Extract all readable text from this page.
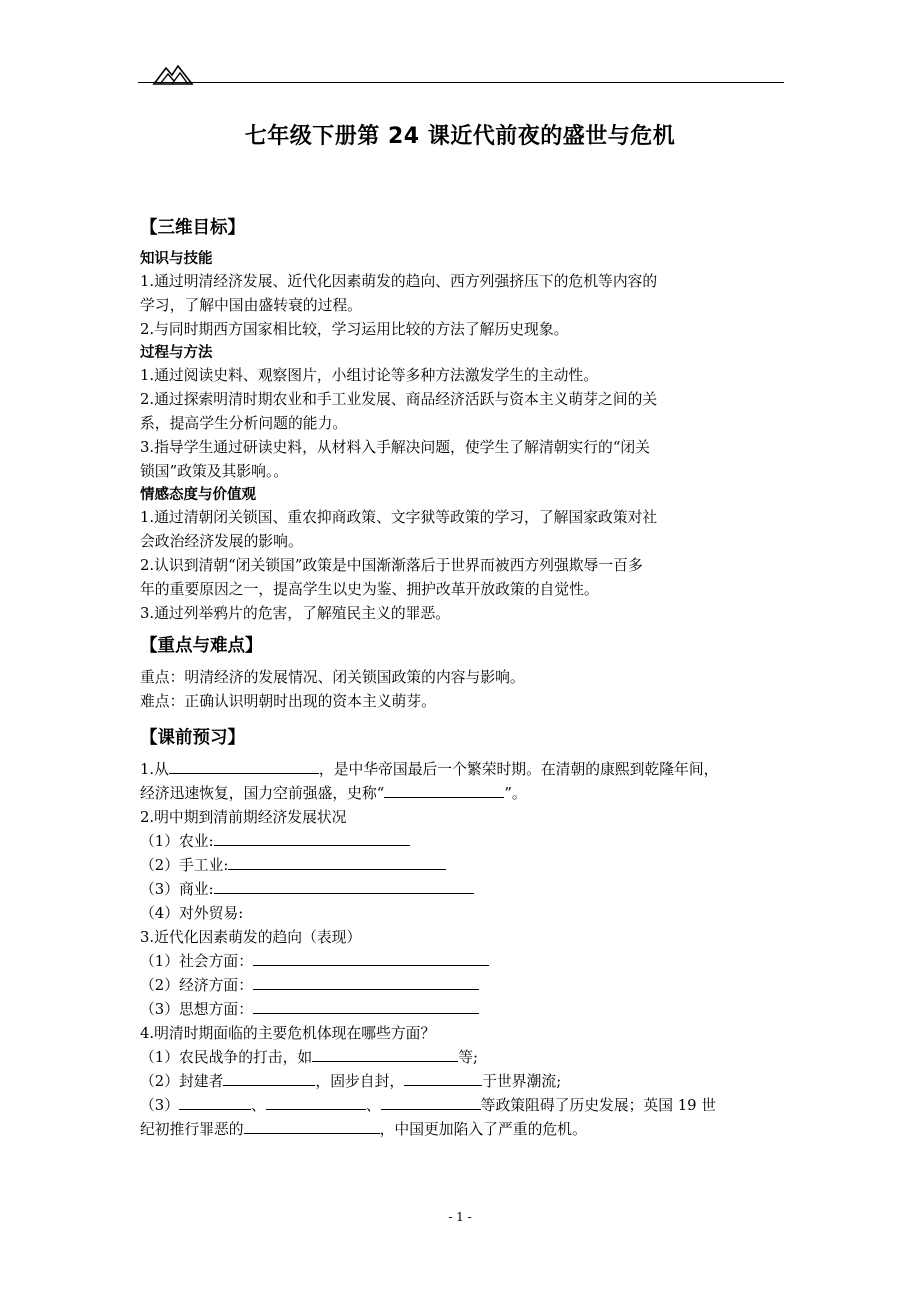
七年级下册第 24 课近代前夜的盛世与危机
【三维目标】
知识与技能
1.通过明清经济发展、近代化因素萌发的趋向、西方列强挤压下的危机等内容的
学习，了解中国由盛转衰的过程。
2.与同时期西方国家相比较，学习运用比较的方法了解历史现象。
过程与方法
1.通过阅读史料、观察图片，小组讨论等多种方法激发学生的主动性。
2.通过探索明清时期农业和手工业发展、商品经济活跃与资本主义萌芽之间的关
系，提高学生分析问题的能力。
3.指导学生通过研读史料，从材料入手解决问题，使学生了解清朝实行的“闭关
锁国”政策及其影响。。
情感态度与价值观
1.通过清朝闭关锁国、重农抑商政策、文字狱等政策的学习，了解国家政策对社
会政治经济发展的影响。
2.认识到清朝“闭关锁国”政策是中国渐渐落后于世界而被西方列强欺辱一百多
年的重要原因之一，提高学生以史为鉴、拥护改革开放政策的自觉性。
3.通过列举鸦片的危害，了解殖民主义的罪恶。
【重点与难点】
重点：明清经济的发展情况、闭关锁国政策的内容与影响。
难点：正确认识明朝时出现的资本主义萌芽。
【课前预习】
1.从	，是中华帝国最后一个繁荣时期。在清朝的康熙到乾隆年间，
经济迅速恢复，国力空前强盛，史称“	”。
2.明中期到清前期经济发展状况
（1）农业:
（2）手工业:
（3）商业:
（4）对外贸易:
3.近代化因素萌发的趋向（表现）
（1）社会方面：
（2）经济方面：
（3）思想方面：
4.明清时期面临的主要危机体现在哪些方面？
（1）农民战争的打击，如	等;
（2）封建者	，固步自封，	于世界潮流;
（3）	、	、	等政策阻碍了历史发展；英国 19 世
纪初推行罪恶的	，中国更加陷入了严重的危机。
- 1 -
